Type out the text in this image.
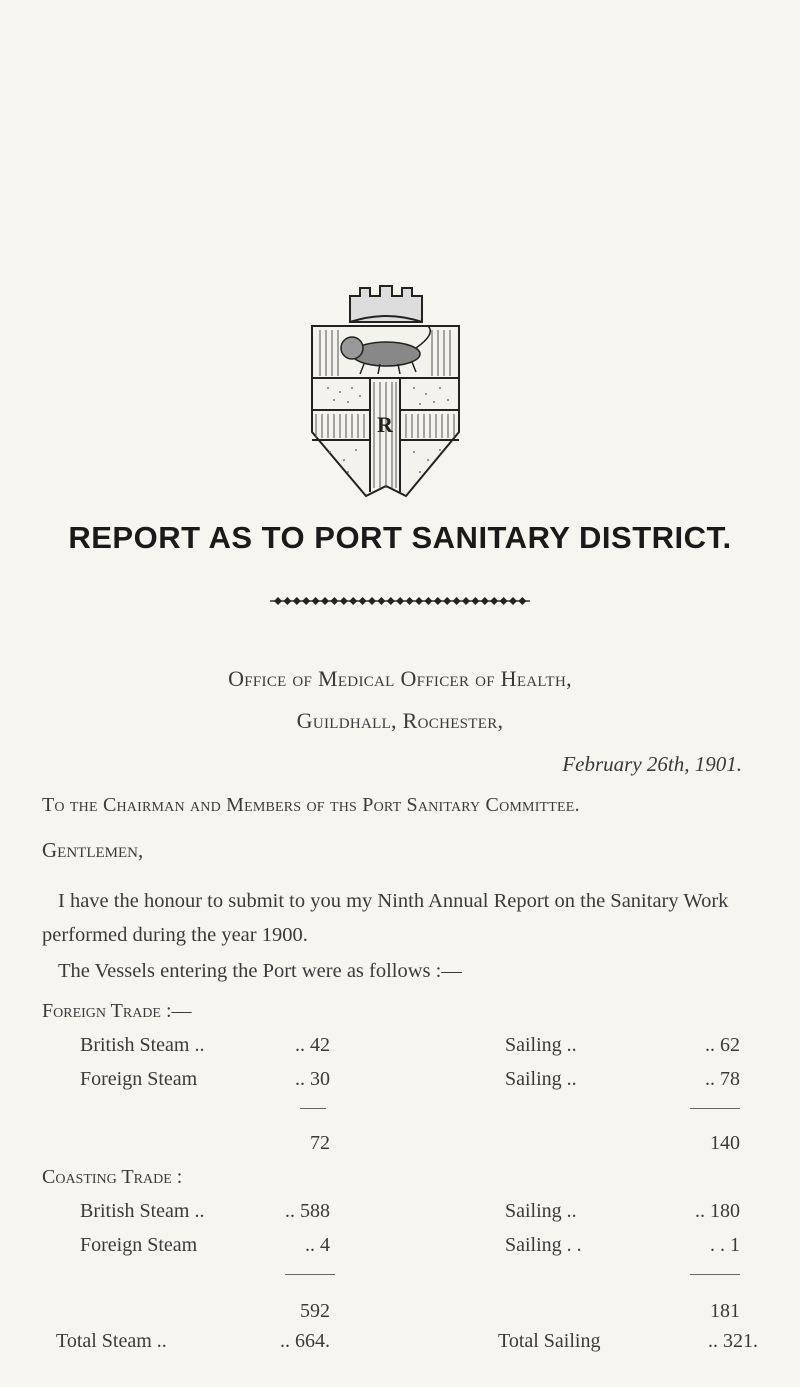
R
REPORT AS TO PORT SANITARY DISTRICT.
Office of Medical Officer of Health,
Guildhall, Rochester,
February 26th, 1901.
To the Chairman and Members of ths Port Sanitary Committee.
Gentlemen,
I have the honour to submit to you my Ninth Annual Report on the Sanitary Work performed during the year 1900.
The Vessels entering the Port were as follows :—
Foreign Trade :—
British Steam ..	.. 42	Sailing ..	.. 62
Foreign Steam	.. 30	Sailing ..	.. 78
72	140
Coasting Trade :
British Steam ..	.. 588	Sailing ..	.. 180
Foreign Steam	.. 4	Sailing . .	. . 1
592	181
Total Steam ..	.. 664.	Total Sailing	.. 321.
